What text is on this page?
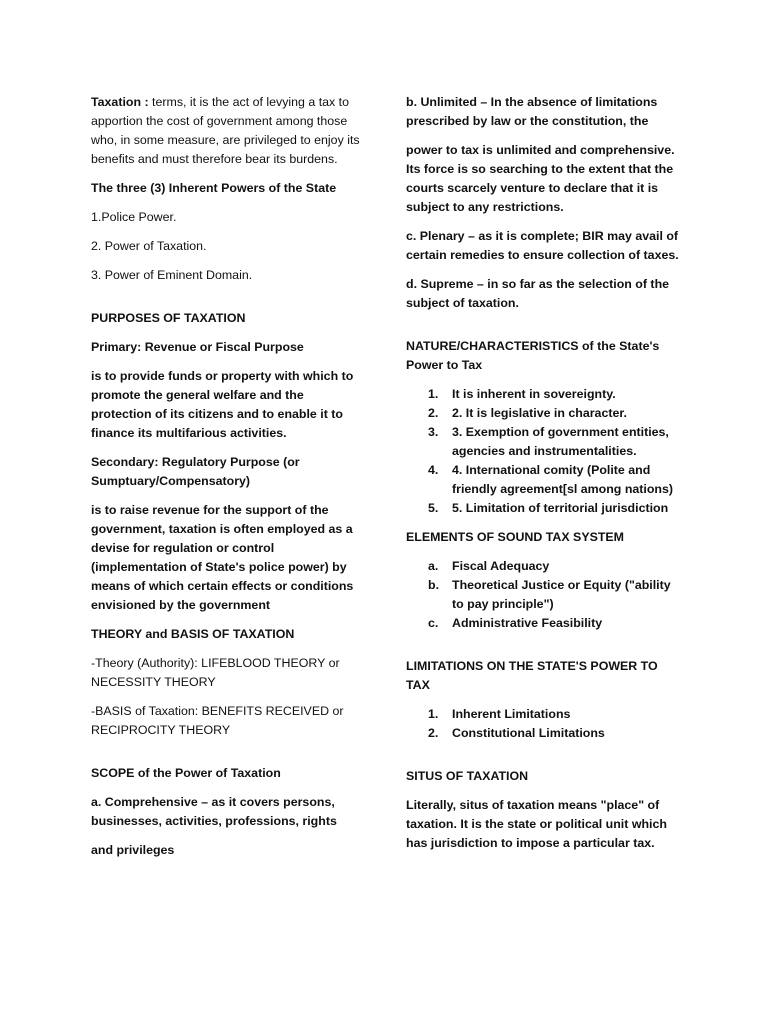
Taxation : terms, it is the act of levying a tax to apportion the cost of government among those who, in some measure, are privileged to enjoy its benefits and must therefore bear its burdens.

The three (3) Inherent Powers of the State

1.Police Power.

2. Power of Taxation.

3. Power of Eminent Domain.

PURPOSES OF TAXATION

Primary: Revenue or Fiscal Purpose

is to provide funds or property with which to promote the general welfare and the protection of its citizens and to enable it to finance its multifarious activities.

Secondary: Regulatory Purpose (or Sumptuary/Compensatory)

is to raise revenue for the support of the government, taxation is often employed as a devise for regulation or control (implementation of State's police power) by means of which certain effects or conditions envisioned by the government

THEORY and BASIS OF TAXATION

-Theory (Authority): LIFEBLOOD THEORY or NECESSITY THEORY

-BASIS of Taxation: BENEFITS RECEIVED or RECIPROCITY THEORY

SCOPE of the Power of Taxation

a. Comprehensive – as it covers persons, businesses, activities, professions, rights

and privileges

b. Unlimited – In the absence of limitations prescribed by law or the constitution, the

power to tax is unlimited and comprehensive. Its force is so searching to the extent that the courts scarcely venture to declare that it is subject to any restrictions.

c. Plenary – as it is complete; BIR may avail of certain remedies to ensure collection of taxes.

d. Supreme – in so far as the selection of the subject of taxation.

NATURE/CHARACTERISTICS of the State's Power to Tax

1. It is inherent in sovereignty.
2. 2. It is legislative in character.
3. 3. Exemption of government entities, agencies and instrumentalities.
4. 4. International comity (Polite and friendly agreement[sl among nations)
5. 5. Limitation of territorial jurisdiction

ELEMENTS OF SOUND TAX SYSTEM

a. Fiscal Adequacy
b. Theoretical Justice or Equity ("ability to pay principle")
c. Administrative Feasibility

LIMITATIONS ON THE STATE'S POWER TO TAX

1. Inherent Limitations
2. Constitutional Limitations

SITUS OF TAXATION

Literally, situs of taxation means "place" of taxation. It is the state or political unit which has jurisdiction to impose a particular tax.
